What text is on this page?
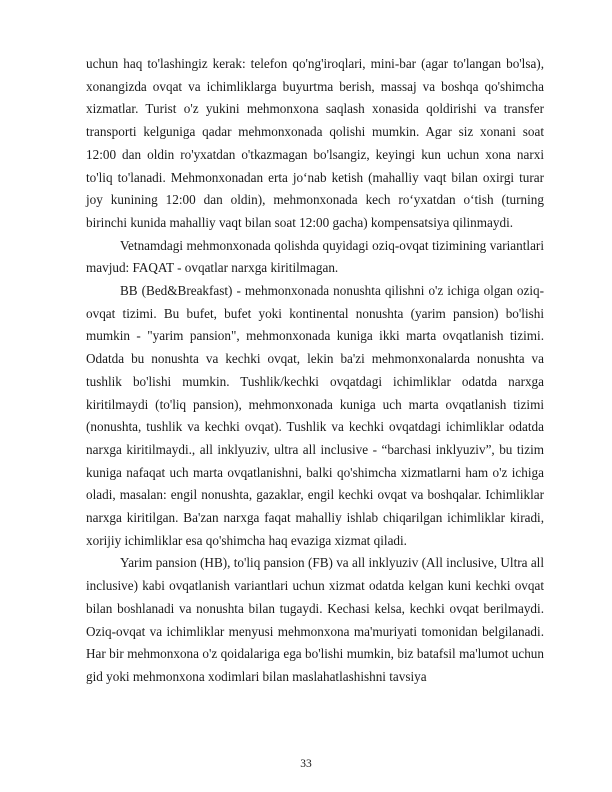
uchun haq to'lashingiz kerak: telefon qo'ng'iroqlari, mini-bar (agar to'langan bo'lsa), xonangizda ovqat va ichimliklarga buyurtma berish, massaj va boshqa qo'shimcha xizmatlar. Turist o'z yukini mehmonxona saqlash xonasida qoldirishi va transfer transporti kelguniga qadar mehmonxonada qolishi mumkin. Agar siz xonani soat 12:00 dan oldin ro'yxatdan o'tkazmagan bo'lsangiz, keyingi kun uchun xona narxi to'liq to'lanadi. Mehmonxonadan erta jo‘nab ketish (mahalliy vaqt bilan oxirgi turar joy kunining 12:00 dan oldin), mehmonxonada kech ro‘yxatdan o‘tish (turning birinchi kunida mahalliy vaqt bilan soat 12:00 gacha) kompensatsiya qilinmaydi.

Vetnamdagi mehmonxonada qolishda quyidagi oziq-ovqat tizimining variantlari mavjud: FAQAT - ovqatlar narxga kiritilmagan.

BB (Bed&Breakfast) - mehmonxonada nonushta qilishni o'z ichiga olgan oziq-ovqat tizimi. Bu bufet, bufet yoki kontinental nonushta (yarim pansion) bo'lishi mumkin - "yarim pansion", mehmonxonada kuniga ikki marta ovqatlanish tizimi. Odatda bu nonushta va kechki ovqat, lekin ba'zi mehmonxonalarda nonushta va tushlik bo'lishi mumkin. Tushlik/kechki ovqatdagi ichimliklar odatda narxga kiritilmaydi (to'liq pansion), mehmonxonada kuniga uch marta ovqatlanish tizimi (nonushta, tushlik va kechki ovqat). Tushlik va kechki ovqatdagi ichimliklar odatda narxga kiritilmaydi., all inklyuziv, ultra all inclusive - “barchasi inklyuziv”, bu tizim kuniga nafaqat uch marta ovqatlanishni, balki qo'shimcha xizmatlarni ham o'z ichiga oladi, masalan: engil nonushta, gazaklar, engil kechki ovqat va boshqalar. Ichimliklar narxga kiritilgan. Ba'zan narxga faqat mahalliy ishlab chiqarilgan ichimliklar kiradi, xorijiy ichimliklar esa qo'shimcha haq evaziga xizmat qiladi.

Yarim pansion (HB), to'liq pansion (FB) va all inklyuziv (All inclusive, Ultra all inclusive) kabi ovqatlanish variantlari uchun xizmat odatda kelgan kuni kechki ovqat bilan boshlanadi va nonushta bilan tugaydi. Kechasi kelsa, kechki ovqat berilmaydi. Oziq-ovqat va ichimliklar menyusi mehmonxona ma'muriyati tomonidan belgilanadi. Har bir mehmonxona o'z qoidalariga ega bo'lishi mumkin, biz batafsil ma'lumot uchun gid yoki mehmonxona xodimlari bilan maslahatlashishni tavsiya

33
